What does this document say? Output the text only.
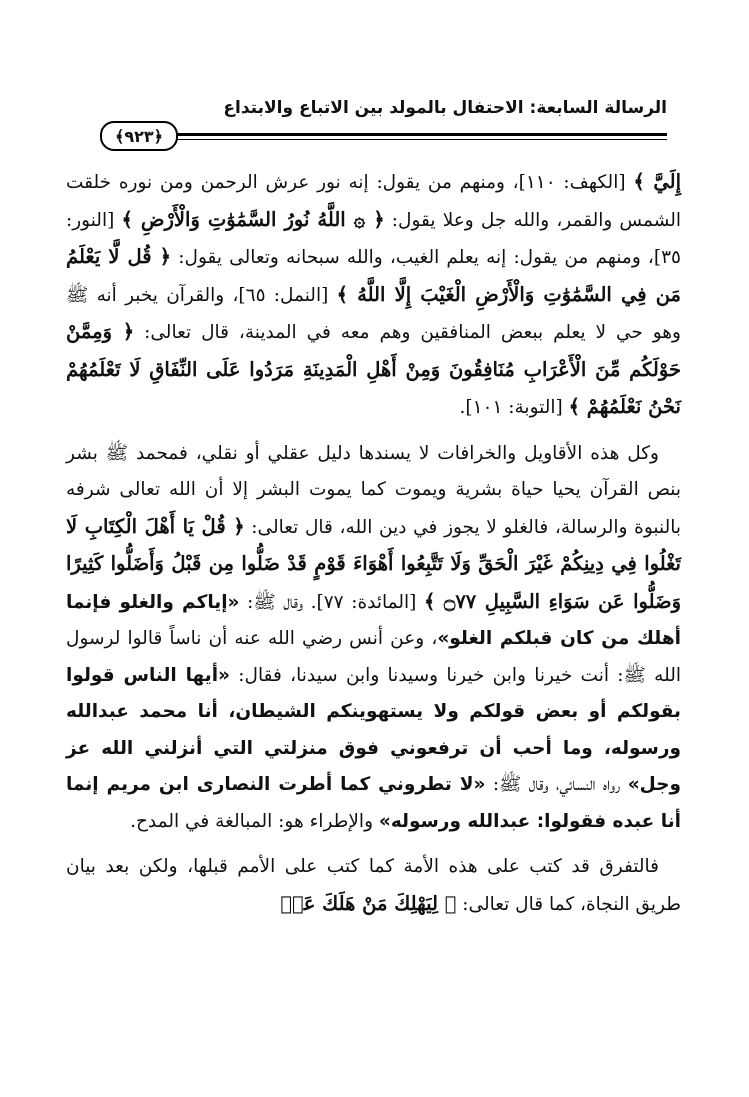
الرسالة السابعة: الاحتفال بالمولد بين الاتباع والابتداع
﴿٩٢٣﴾

إِلَيَّ ﴾ [الكهف: ١١٠]، ومنهم من يقول: إنه نور عرش الرحمن ومن نوره خلقت الشمس والقمر، والله جل وعلا يقول: ﴿ ۞ اللَّهُ نُورُ السَّمَٰوَٰتِ وَالْأَرْضِ ﴾ [النور: ٣٥]، ومنهم من يقول: إنه يعلم الغيب، والله سبحانه وتعالى يقول: ﴿ قُل لَّا يَعْلَمُ مَن فِي السَّمَٰوَٰتِ وَالْأَرْضِ الْغَيْبَ إِلَّا اللَّهُ ﴾ [النمل: ٦٥]، والقرآن يخبر أنه ﷺ وهو حي لا يعلم ببعض المنافقين وهم معه في المدينة، قال تعالى: ﴿ وَمِمَّنْ حَوْلَكُم مِّنَ الْأَعْرَابِ مُنَافِقُونَ وَمِنْ أَهْلِ الْمَدِينَةِ مَرَدُوا عَلَى النِّفَاقِ لَا تَعْلَمُهُمْ نَحْنُ نَعْلَمُهُمْ ﴾ [التوبة: ١٠١].

وكل هذه الأقاويل والخرافات لا يسندها دليل عقلي أو نقلي، فمحمد ﷺ بشر بنص القرآن يحيا حياة بشرية ويموت كما يموت البشر إلا أن الله تعالى شرفه بالنبوة والرسالة، فالغلو لا يجوز في دين الله، قال تعالى: ﴿ قُلْ يَا أَهْلَ الْكِتَابِ لَا تَغْلُوا فِي دِينِكُمْ غَيْرَ الْحَقِّ وَلَا تَتَّبِعُوا أَهْوَاءَ قَوْمٍ قَدْ ضَلُّوا مِن قَبْلُ وَأَضَلُّوا كَثِيرًا وَضَلُّوا عَن سَوَاءِ السَّبِيلِ ۝٧٧ ﴾ [المائدة: ٧٧]. وقال ﷺ: «إياكم والغلو فإنما أهلك من كان قبلكم الغلو»، وعن أنس رضي الله عنه أن ناساً قالوا لرسول الله ﷺ: أنت خيرنا وابن خيرنا وسيدنا وابن سيدنا، فقال: «أيها الناس قولوا بقولكم أو بعض قولكم ولا يستهوينكم الشيطان، أنا محمد عبدالله ورسوله، وما أحب أن ترفعوني فوق منزلتي التي أنزلني الله عز وجل» رواه النسائي، وقال ﷺ: «لا تطروني كما أطرت النصارى ابن مريم إنما أنا عبده فقولوا: عبدالله ورسوله» والإطراء هو: المبالغة في المدح.

فالتفرق قد كتب على هذه الأمة كما كتب على الأمم قبلها، ولكن بعد بيان طريق النجاة، كما قال تعالى: ﴿ لِيَهْلِكَ مَنْ هَلَكَ عَنۢ
